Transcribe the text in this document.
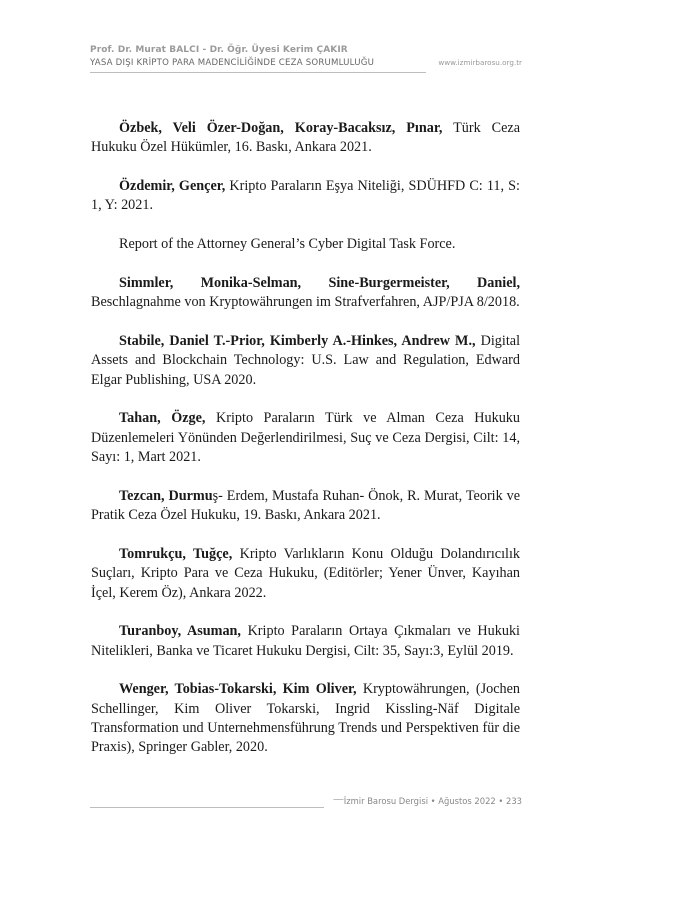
Prof. Dr. Murat BALCI - Dr. Öğr. Üyesi Kerim ÇAKIR

YASA DIŞI KRİPTO PARA MADENCİLİĞİNDE CEZA SORUMLULUĞU	www.izmirbarosu.org.tr

Özbek, Veli Özer-Doğan, Koray-Bacaksız, Pınar, Türk Ceza Hukuku Özel Hükümler, 16. Baskı, Ankara 2021.

Özdemir, Gençer, Kripto Paraların Eşya Niteliği, SDÜHFD C: 11, S: 1, Y: 2021.

Report of the Attorney General’s Cyber Digital Task Force.

Simmler, Monika-Selman, Sine-Burgermeister, Daniel, Beschlagnahme von Kryptowährungen im Strafverfahren, AJP/PJA 8/2018.

Stabile, Daniel T.-Prior, Kimberly A.-Hinkes, Andrew M., Digital Assets and Blockchain Technology: U.S. Law and Regulation, Edward Elgar Publishing, USA 2020.

Tahan, Özge, Kripto Paraların Türk ve Alman Ceza Hukuku Düzenlemeleri Yönünden Değerlendirilmesi, Suç ve Ceza Dergisi, Cilt: 14, Sayı: 1, Mart 2021.

Tezcan, Durmuş- Erdem, Mustafa Ruhan- Önok, R. Murat, Teorik ve Pratik Ceza Özel Hukuku, 19. Baskı, Ankara 2021.

Tomrukçu, Tuğçe, Kripto Varlıkların Konu Olduğu Dolandırıcılık Suçları, Kripto Para ve Ceza Hukuku, (Editörler; Yener Ünver, Kayıhan İçel, Kerem Öz), Ankara 2022.

Turanboy, Asuman, Kripto Paraların Ortaya Çıkmaları ve Hukuki Nitelikleri, Banka ve Ticaret Hukuku Dergisi, Cilt: 35, Sayı:3, Eylül 2019.

Wenger, Tobias-Tokarski, Kim Oliver, Kryptowährungen, (Jochen Schellinger, Kim Oliver Tokarski, Ingrid Kissling-Näf Digitale Transformation und Unternehmensführung Trends und Perspektiven für die Praxis), Springer Gabler, 2020.

İzmir Barosu Dergisi • Ağustos 2022 • 233
